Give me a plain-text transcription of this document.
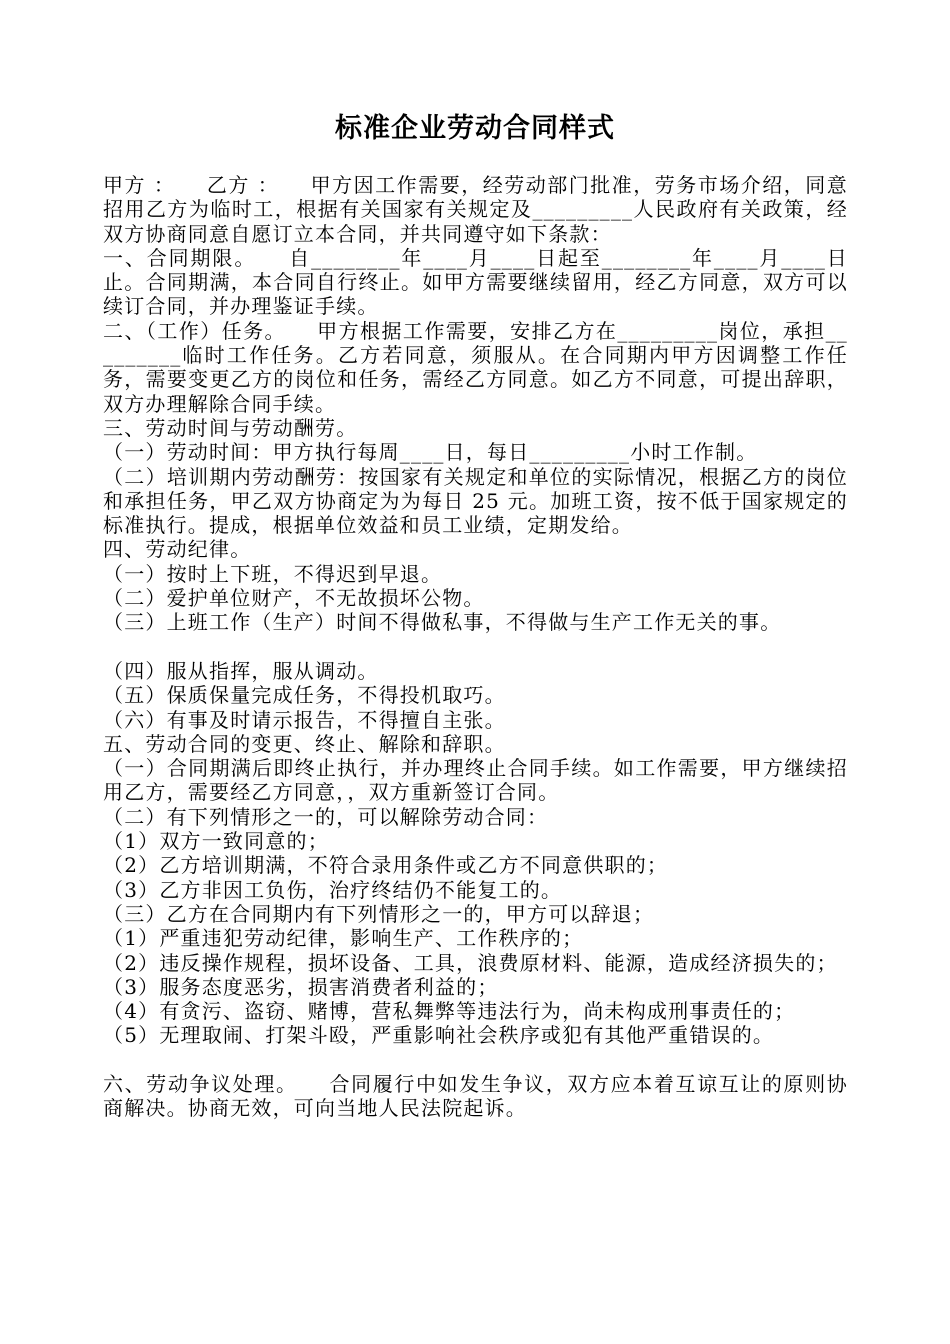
标准企业劳动合同样式

甲方 ：    乙方 ：    甲方因工作需要，经劳动部门批准，劳务市场介绍，同意招用乙方为临时工，根据有关国家有关规定及_________人民政府有关政策，经双方协商同意自愿订立本合同，并共同遵守如下条款：

一、合同期限。    自________年____月____日起至________年____月____日止。合同期满，本合同自行终止。如甲方需要继续留用，经乙方同意，双方可以续订合同，并办理鉴证手续。

二、（工作）任务。    甲方根据工作需要，安排乙方在_________岗位，承担_________临时工作任务。乙方若同意，须服从。在合同期内甲方因调整工作任务，需要变更乙方的岗位和任务，需经乙方同意。如乙方不同意，可提出辞职，双方办理解除合同手续。

三、劳动时间与劳动酬劳。

（一）劳动时间：甲方执行每周____日，每日_________小时工作制。

（二）培训期内劳动酬劳：按国家有关规定和单位的实际情况，根据乙方的岗位和承担任务，甲乙双方协商定为为每日 25 元。加班工资，按不低于国家规定的标准执行。提成，根据单位效益和员工业绩，定期发给。

四、劳动纪律。

（一）按时上下班，不得迟到早退。

（二）爱护单位财产，不无故损坏公物。

（三）上班工作（生产）时间不得做私事，不得做与生产工作无关的事。

（四）服从指挥，服从调动。

（五）保质保量完成任务，不得投机取巧。

（六）有事及时请示报告，不得擅自主张。

五、劳动合同的变更、终止、解除和辞职。

（一）合同期满后即终止执行，并办理终止合同手续。如工作需要，甲方继续招用乙方，需要经乙方同意，，双方重新签订合同。

（二）有下列情形之一的，可以解除劳动合同：

（1）双方一致同意的；

（2）乙方培训期满，不符合录用条件或乙方不同意供职的；

（3）乙方非因工负伤，治疗终结仍不能复工的。

（三）乙方在合同期内有下列情形之一的，甲方可以辞退；

（1）严重违犯劳动纪律，影响生产、工作秩序的；

（2）违反操作规程，损坏设备、工具，浪费原材料、能源，造成经济损失的；

（3）服务态度恶劣，损害消费者利益的；

（4）有贪污、盗窃、赌博，营私舞弊等违法行为，尚未构成刑事责任的；

（5）无理取闹、打架斗殴，严重影响社会秩序或犯有其他严重错误的。

六、劳动争议处理。    合同履行中如发生争议，双方应本着互谅互让的原则协商解决。协商无效，可向当地人民法院起诉。
